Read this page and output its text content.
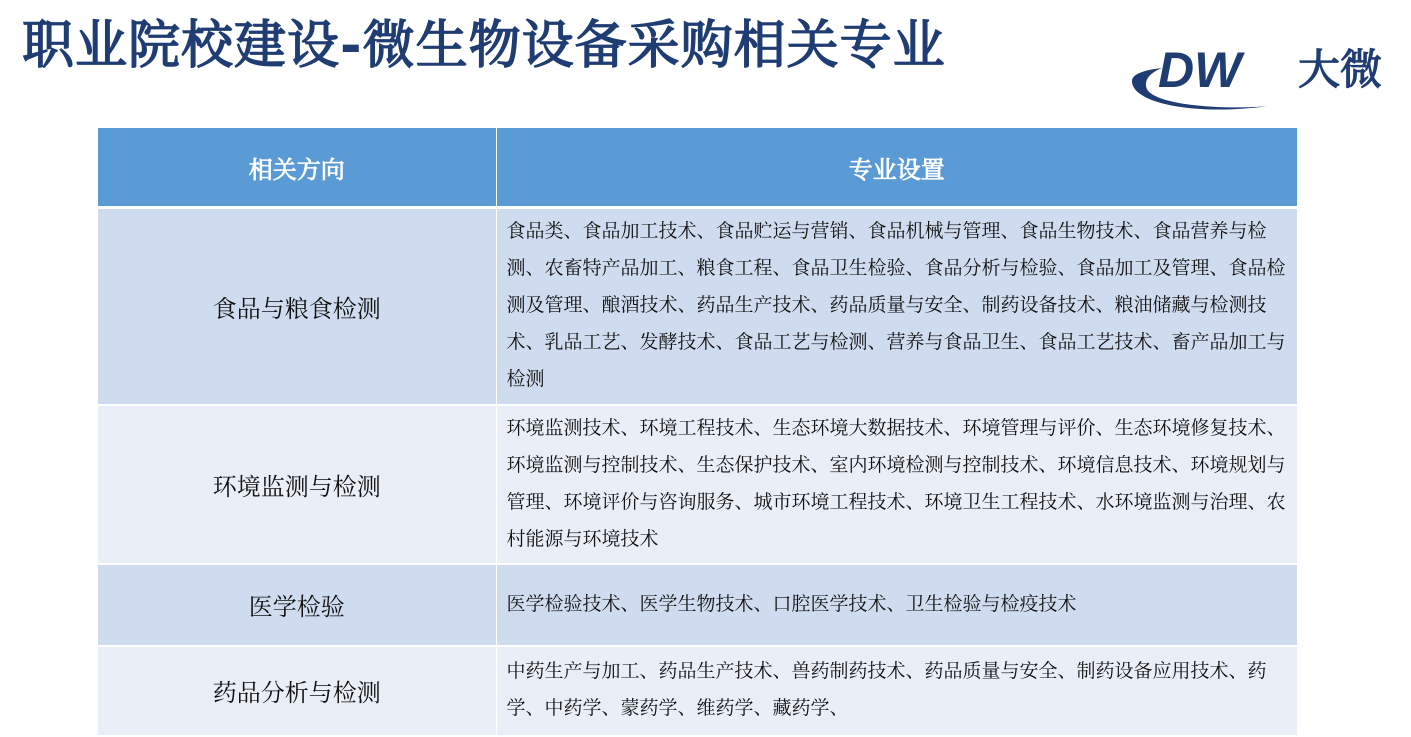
职业院校建设-微生物设备采购相关专业	DW 大微
相关方向	专业设置
食品与粮食检测	食品类、食品加工技术、食品贮运与营销、食品机械与管理、食品生物技术、食品营养与检测、农畜特产品加工、粮食工程、食品卫生检验、食品分析与检验、食品加工及管理、食品检测及管理、酿酒技术、药品生产技术、药品质量与安全、制药设备技术、粮油储藏与检测技术、乳品工艺、发酵技术、食品工艺与检测、营养与食品卫生、食品工艺技术、畜产品加工与检测
环境监测与检测	环境监测技术、环境工程技术、生态环境大数据技术、环境管理与评价、生态环境修复技术、环境监测与控制技术、生态保护技术、室内环境检测与控制技术、环境信息技术、环境规划与管理、环境评价与咨询服务、城市环境工程技术、环境卫生工程技术、水环境监测与治理、农村能源与环境技术
医学检验	医学检验技术、医学生物技术、口腔医学技术、卫生检验与检疫技术
药品分析与检测	中药生产与加工、药品生产技术、兽药制药技术、药品质量与安全、制药设备应用技术、药学、中药学、蒙药学、维药学、藏药学、
